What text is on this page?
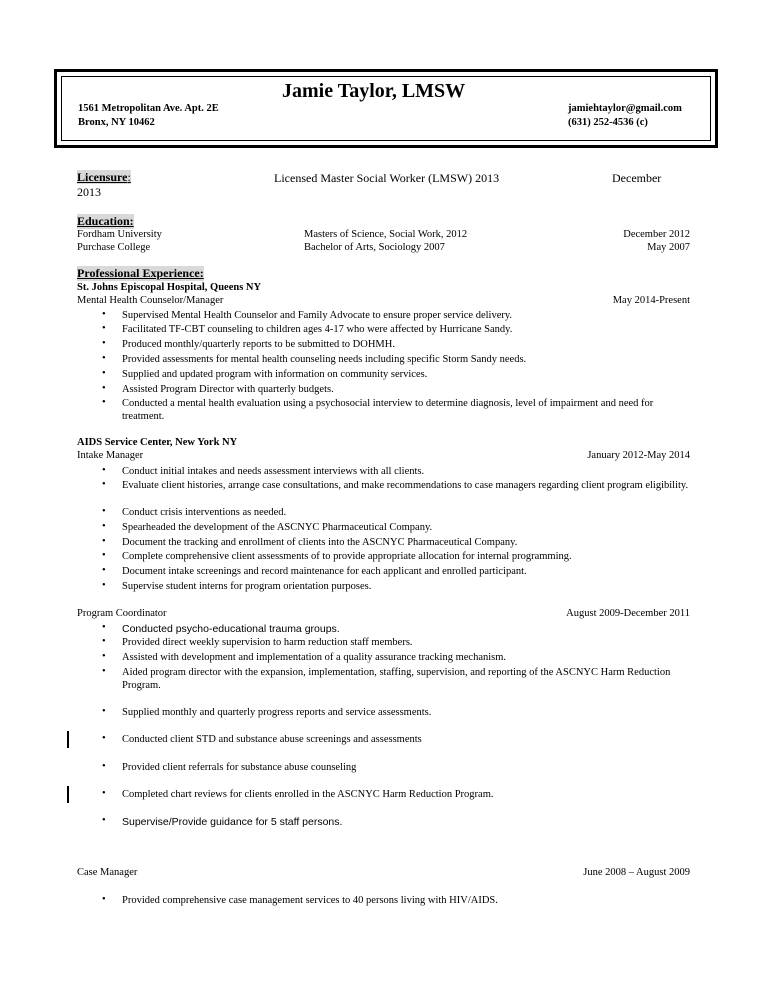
Jamie Taylor, LMSW
1561 Metropolitan Ave. Apt. 2E
Bronx, NY 10462
jamiehtaylor@gmail.com
(631) 252-4536 (c)
Licensure:	Licensed Master Social Worker (LMSW) 2013	December
2013
Education:
Fordham University	Masters of Science, Social Work, 2012	December 2012
Purchase College	Bachelor of Arts, Sociology 2007	May 2007
Professional Experience:
St. Johns Episcopal Hospital, Queens NY
Mental Health Counselor/Manager	May 2014-Present
• Supervised Mental Health Counselor and Family Advocate to ensure proper service delivery.
• Facilitated TF-CBT counseling to children ages 4-17 who were affected by Hurricane Sandy.
• Produced monthly/quarterly reports to be submitted to DOHMH.
• Provided assessments for mental health counseling needs including specific Storm Sandy needs.
• Supplied and updated program with information on community services.
• Assisted Program Director with quarterly budgets.
• Conducted a mental health evaluation using a psychosocial interview to determine diagnosis, level of impairment and need for treatment.
AIDS Service Center, New York NY
Intake Manager	January 2012-May 2014
• Conduct initial intakes and needs assessment interviews with all clients.
• Evaluate client histories, arrange case consultations, and make recommendations to case managers regarding client program eligibility.
• Conduct crisis interventions as needed.
• Spearheaded the development of the ASCNYC Pharmaceutical Company.
• Document the tracking and enrollment of clients into the ASCNYC Pharmaceutical Company.
• Complete comprehensive client assessments of to provide appropriate allocation for internal programming.
• Document intake screenings and record maintenance for each applicant and enrolled participant.
• Supervise student interns for program orientation purposes.
Program Coordinator	August 2009-December 2011
• Conducted psycho-educational trauma groups.
• Provided direct weekly supervision to harm reduction staff members.
• Assisted with development and implementation of a quality assurance tracking mechanism.
• Aided program director with the expansion, implementation, staffing, supervision, and reporting of the ASCNYC Harm Reduction Program.
• Supplied monthly and quarterly progress reports and service assessments.
• Conducted client STD and substance abuse screenings and assessments
• Provided client referrals for substance abuse counseling
• Completed chart reviews for clients enrolled in the ASCNYC Harm Reduction Program.
• Supervise/Provide guidance for 5 staff persons.
Case Manager	June 2008 – August 2009
• Provided comprehensive case management services to 40 persons living with HIV/AIDS.
